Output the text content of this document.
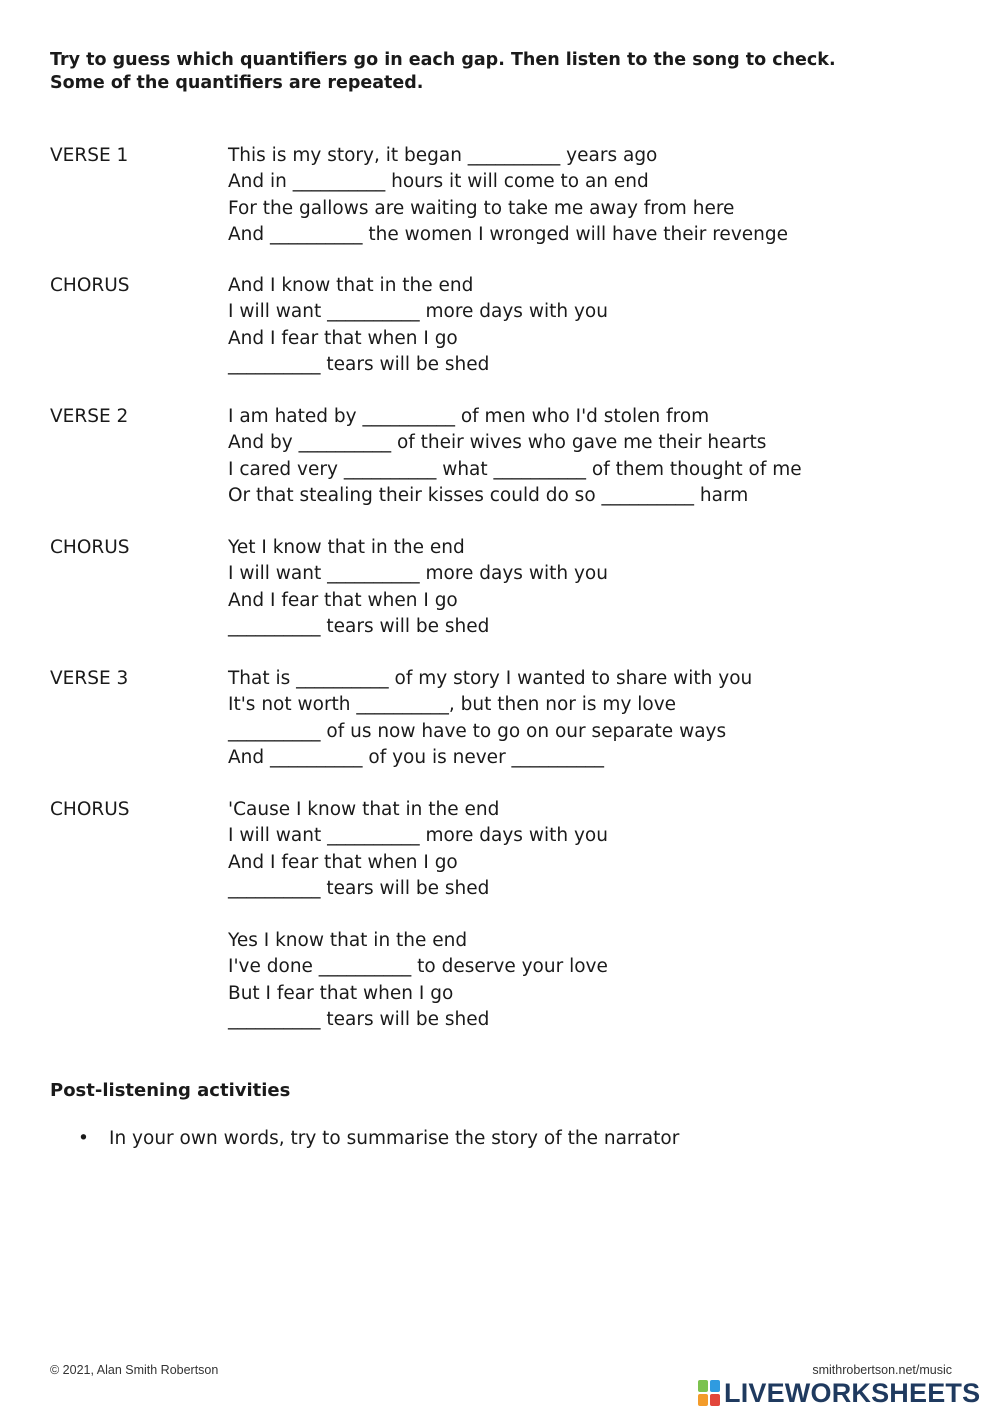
Try to guess which quantifiers go in each gap. Then listen to the song to check.
Some of the quantifiers are repeated.
VERSE 1	This is my story, it began __________ years ago
And in __________ hours it will come to an end
For the gallows are waiting to take me away from here
And __________ the women I wronged will have their revenge
CHORUS	And I know that in the end
I will want __________ more days with you
And I fear that when I go
__________ tears will be shed
VERSE 2	I am hated by __________ of men who I'd stolen from
And by __________ of their wives who gave me their hearts
I cared very __________ what __________ of them thought of me
Or that stealing their kisses could do so __________ harm
CHORUS	Yet I know that in the end
I will want __________ more days with you
And I fear that when I go
__________ tears will be shed
VERSE 3	That is __________ of my story I wanted to share with you
It's not worth __________, but then nor is my love
__________ of us now have to go on our separate ways
And __________ of you is never __________
CHORUS	'Cause I know that in the end
I will want __________ more days with you
And I fear that when I go
__________ tears will be shed
Yes I know that in the end
I've done __________ to deserve your love
But I fear that when I go
__________ tears will be shed
Post-listening activities
• In your own words, try to summarise the story of the narrator
© 2021, Alan Smith Robertson	smithrobertson.net/music
LIVEWORKSHEETS
